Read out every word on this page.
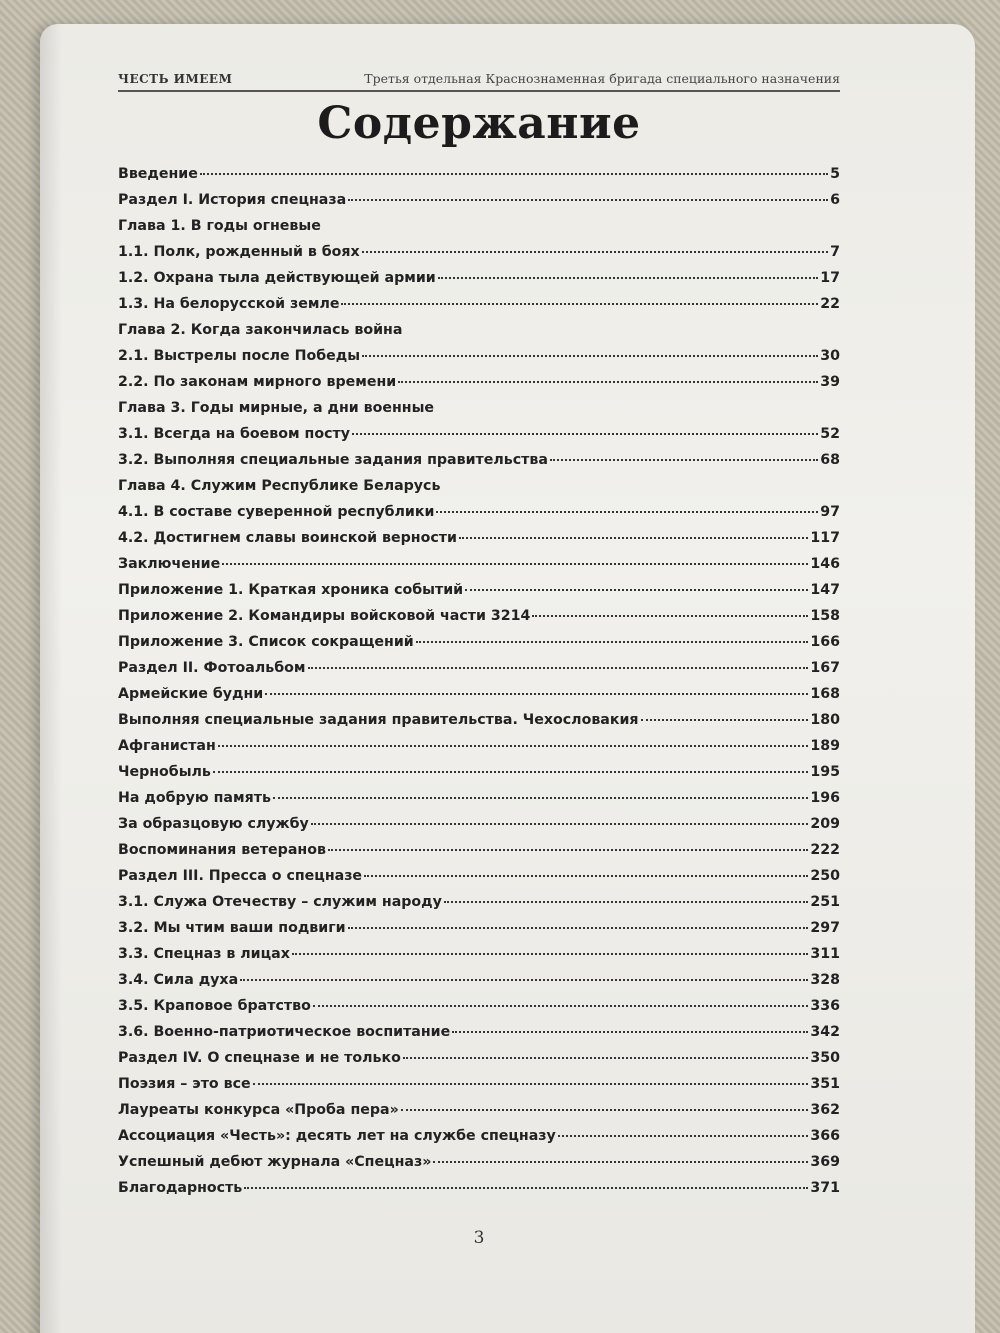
ЧЕСТЬ ИМЕЕМ	Третья отдельная Краснознаменная бригада специального назначения
Содержание
Введение	5
Раздел I. История спецназа	6
Глава 1. В годы огневые
1.1. Полк, рожденный в боях	7
1.2. Охрана тыла действующей армии	17
1.3. На белорусской земле	22
Глава 2. Когда закончилась война
2.1. Выстрелы после Победы	30
2.2. По законам мирного времени	39
Глава 3. Годы мирные, а дни военные
3.1. Всегда на боевом посту	52
3.2. Выполняя специальные задания правительства	68
Глава 4. Служим Республике Беларусь
4.1. В составе суверенной республики	97
4.2. Достигнем славы воинской верности	117
Заключение	146
Приложение 1. Краткая хроника событий	147
Приложение 2. Командиры войсковой части 3214	158
Приложение 3. Список сокращений	166
Раздел II. Фотоальбом	167
Армейские будни	168
Выполняя специальные задания правительства. Чехословакия	180
Афганистан	189
Чернобыль	195
На добрую память	196
За образцовую службу	209
Воспоминания ветеранов	222
Раздел III. Пресса о спецназе	250
3.1. Служа Отечеству – служим народу	251
3.2. Мы чтим ваши подвиги	297
3.3. Спецназ в лицах	311
3.4. Сила духа	328
3.5. Краповое братство	336
3.6. Военно-патриотическое воспитание	342
Раздел IV. О спецназе и не только	350
Поэзия – это все	351
Лауреаты конкурса «Проба пера»	362
Ассоциация «Честь»: десять лет на службе спецназу	366
Успешный дебют журнала «Спецназ»	369
Благодарность	371
3
